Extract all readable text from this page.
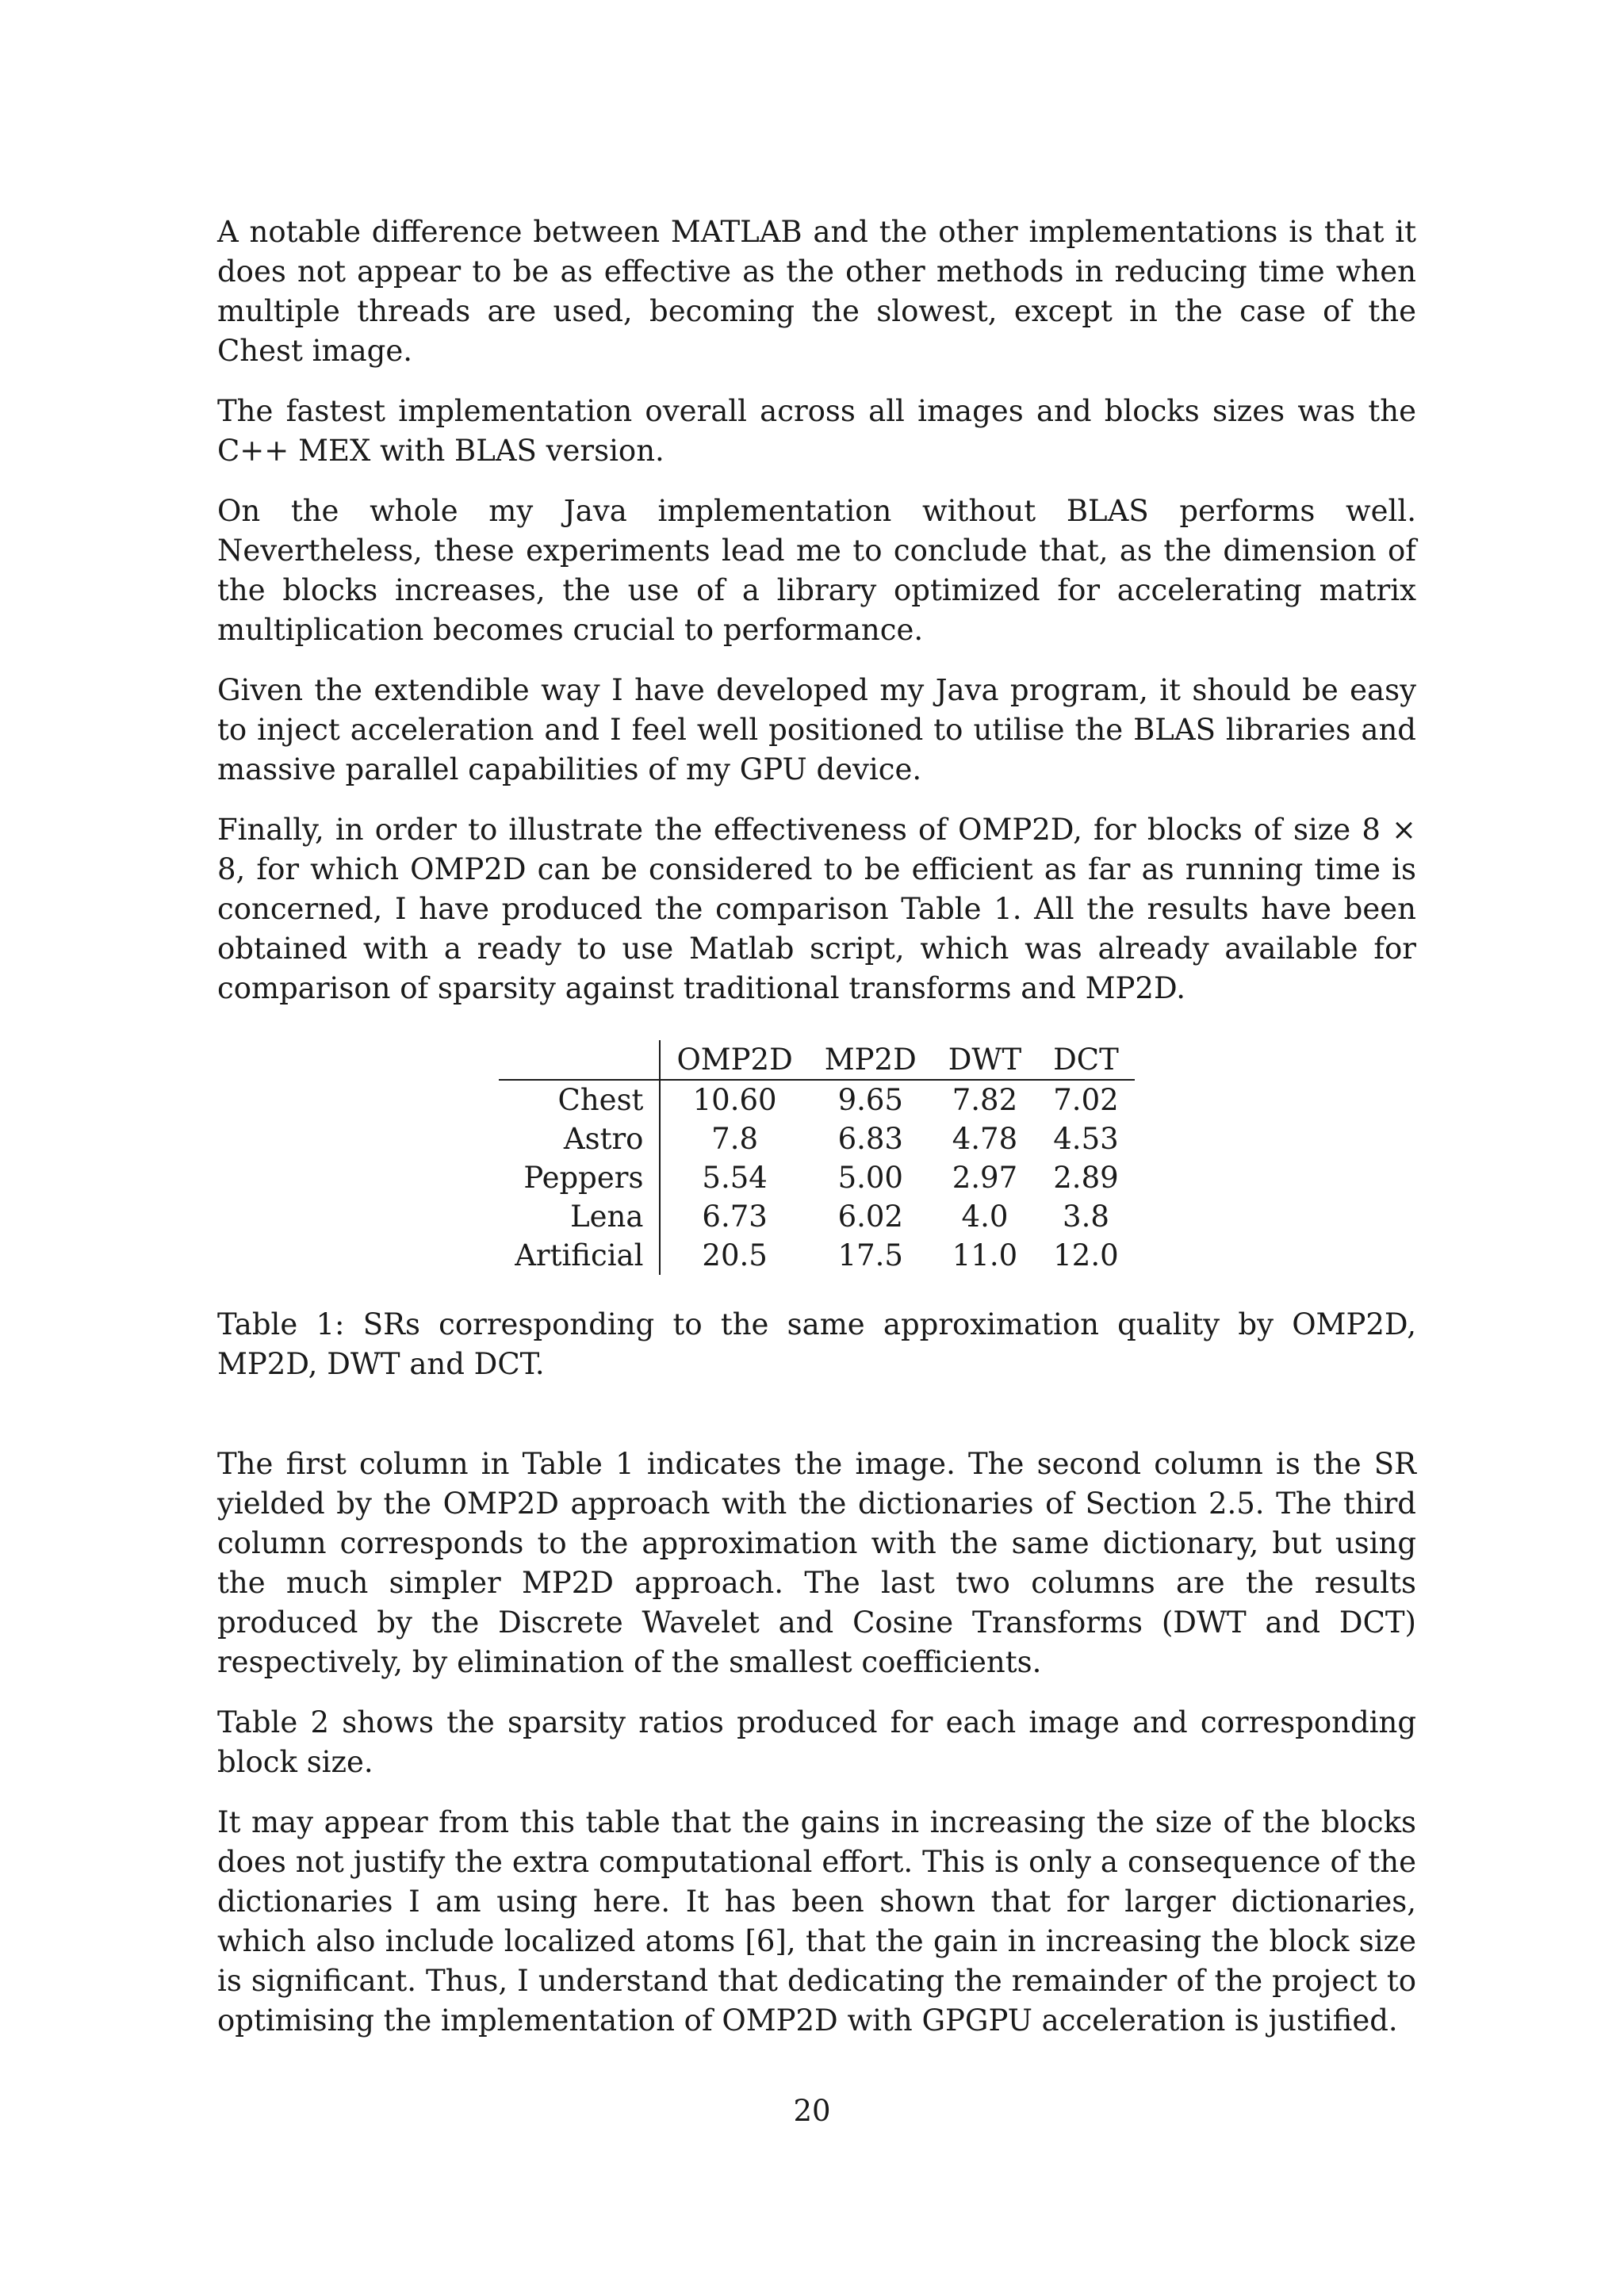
A notable difference between MATLAB and the other implementations is that it does not appear to be as effective as the other methods in reducing time when multiple threads are used, becoming the slowest, except in the case of the Chest image.

The fastest implementation overall across all images and blocks sizes was the C++ MEX with BLAS version.

On the whole my Java implementation without BLAS performs well. Nevertheless, these experiments lead me to conclude that, as the dimension of the blocks increases, the use of a library optimized for accelerating matrix multiplication becomes crucial to performance.

Given the extendible way I have developed my Java program, it should be easy to inject acceleration and I feel well positioned to utilise the BLAS libraries and massive parallel capabilities of my GPU device.

Finally, in order to illustrate the effectiveness of OMP2D, for blocks of size 8 × 8, for which OMP2D can be considered to be efficient as far as running time is concerned, I have produced the comparison Table 1. All the results have been obtained with a ready to use Matlab script, which was already available for comparison of sparsity against traditional transforms and MP2D.

	OMP2D	MP2D	DWT	DCT
Chest	10.60	9.65	7.82	7.02
Astro	7.8	6.83	4.78	4.53
Peppers	5.54	5.00	2.97	2.89
Lena	6.73	6.02	4.0	3.8
Artificial	20.5	17.5	11.0	12.0

Table 1: SRs corresponding to the same approximation quality by OMP2D, MP2D, DWT and DCT.

The first column in Table 1 indicates the image. The second column is the SR yielded by the OMP2D approach with the dictionaries of Section 2.5. The third column corresponds to the approximation with the same dictionary, but using the much simpler MP2D approach. The last two columns are the results produced by the Discrete Wavelet and Cosine Transforms (DWT and DCT) respectively, by elimination of the smallest coefficients.

Table 2 shows the sparsity ratios produced for each image and corresponding block size.

It may appear from this table that the gains in increasing the size of the blocks does not justify the extra computational effort. This is only a consequence of the dictionaries I am using here. It has been shown that for larger dictionaries, which also include localized atoms [6], that the gain in increasing the block size is significant. Thus, I understand that dedicating the remainder of the project to optimising the implementation of OMP2D with GPGPU acceleration is justified.

20
